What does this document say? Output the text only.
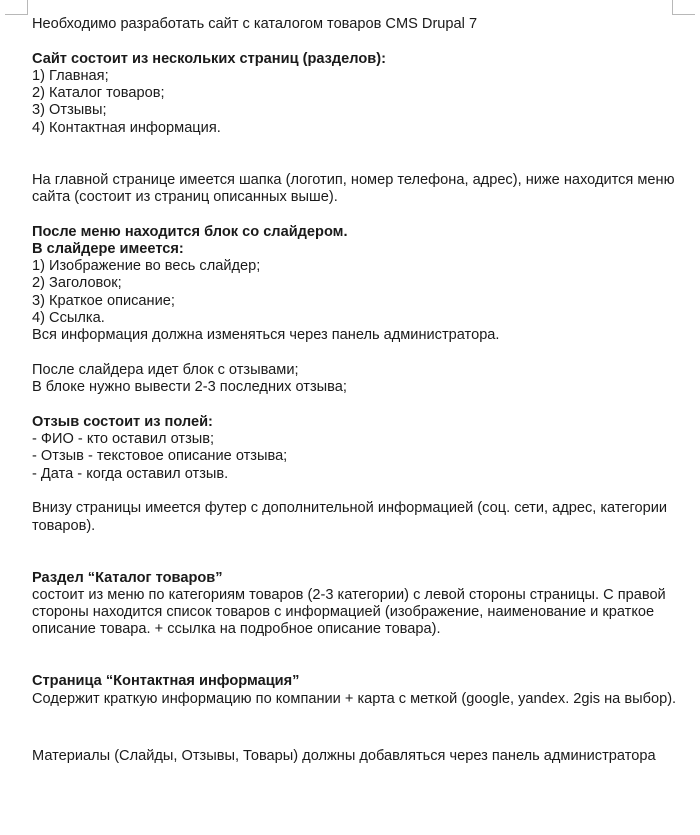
Необходимо разработать сайт с каталогом товаров CMS Drupal 7
Сайт состоит из нескольких страниц (разделов):
1) Главная;
2) Каталог товаров;
3) Отзывы;
4) Контактная информация.
На главной странице имеется шапка (логотип, номер телефона, адрес), ниже находится меню сайта (состоит из страниц описанных выше).
После меню находится блок со слайдером.
В слайдере имеется:
1) Изображение во весь слайдер;
2) Заголовок;
3) Краткое описание;
4) Ссылка.
Вся информация должна изменяться через панель администратора.
После слайдера идет блок с отзывами;
В блоке нужно вывести 2-3 последних отзыва;
Отзыв состоит из полей:
- ФИО - кто оставил отзыв;
- Отзыв - текстовое описание отзыва;
- Дата - когда оставил отзыв.
Внизу страницы имеется футер с дополнительной информацией (соц. сети, адрес, категории товаров).
Раздел “Каталог товаров”
состоит из меню по категориям товаров (2-3 категории) с левой стороны страницы. С правой стороны находится список товаров с информацией (изображение, наименование и краткое описание товара. + ссылка на подробное описание товара).
Страница “Контактная информация”
Содержит краткую информацию по компании + карта с меткой (google, yandex. 2gis на выбор).
Материалы (Слайды, Отзывы, Товары) должны добавляться через панель администратора
